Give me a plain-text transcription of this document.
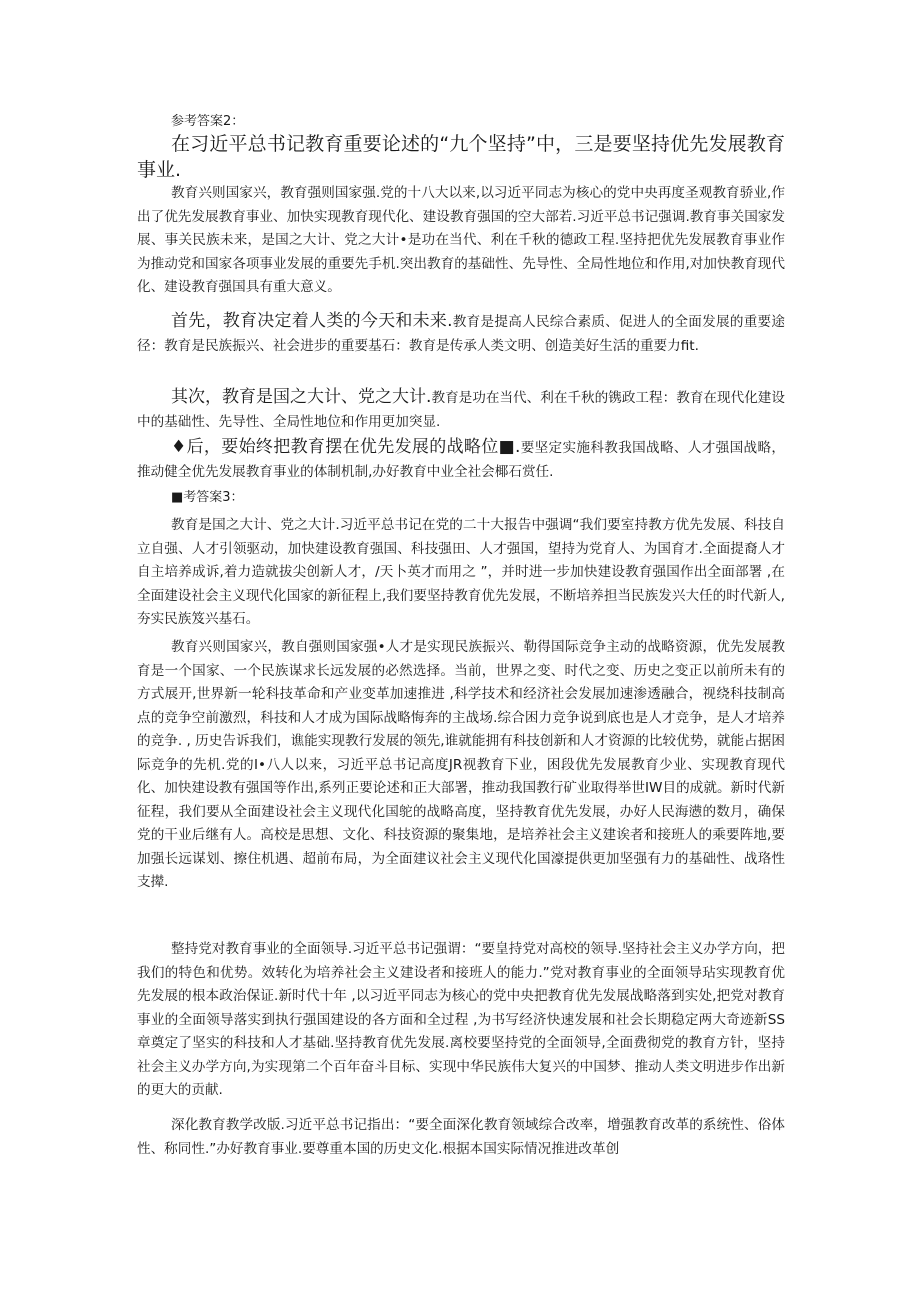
参考答案2：

在习近平总书记教育重要论述的“九个坚持”中，三是要坚持优先发展教育事业.

教育兴则国家兴，教育强则国家强.党的十八大以来,以习近平同志为核心的党中央再度圣观教育骄业,作出了优先发展教育事业、加快实现教育现代化、建设教育强国的空大部若.习近平总书记强调.教育事关国家发展、事关民族未来，是国之大计、党之大计•是功在当代、利在千秋的德政工程.坚持把优先发展教育事业作为推动党和国家各项事业发展的重要先手机.突出教育的基础性、先导性、全局性地位和作用,对加快教育现代化、建设教育强国具有重大意义。

首先，教育决定着人类的今天和未来.教育是提高人民综合素质、促进人的全面发展的重要途径：教育是民族振兴、社会进步的重要基石：教育是传承人类文明、创造美好生活的重要力fit.

其次，教育是国之大计、党之大计.教育是功在当代、利在千秋的镌政工程：教育在现代化建设中的基础性、先导性、全局性地位和作用更加突显.

♦后，要始终把教育摆在优先发展的战略位■.要坚定实施科教我国战略、人才强国战略，推动健全优先发展教育事业的体制机制,办好教育中业全社会椰石赏任.

■考答案3：

教育是国之大计、党之大计.习近平总书记在党的二十大报告中强调“我们要室持教方优先发展、科技自立自强、人才引领驱动，加快建设教育强国、科技强田、人才强国，望持为党育人、为国育才.全面提裔人才自主培养成诉,着力造就拔尖创新人才，/天卜英才而用之 ”，并时进一步加快建设教育强国作出全面部署 ,在全面建设社会主义现代化国家的新征程上,我们要坚持教育优先发展，不断培养担当民族发兴大任的时代新人,夯实民族笈兴基石。

教育兴则国家兴，教自强则国家强•人才是实现民族振兴、勒得国际竞争主动的战略资源，优先发展教育是一个国家、一个民族谋求长远发展的必然选择。当前，世界之变、时代之变、历史之变正以前所未有的方式展开,世界新一轮科技革命和产业变革加速推进 ,科学技术和经济社会发展加速渗透融合，视绕科技制高点的竞争空前激烈，科技和人才成为国际战略悔奔的主战场.综合困力竞争说到底也是人才竞争，是人才培养的竞争. , 历史告诉我们，谯能实现教行发展的领先,谁就能拥有科技创新和人才资源的比较优势，就能占据困际竞争的先机.党的I•八人以来，习近平总书记高度JR视教育下业，困段优先发展教育少业、实现教育现代化、加快建设教有强国等作出,系列正要论述和正大部署，推动我国教行矿业取得举世IW目的成就。新时代新征程，我们要从全面建设社会主义现代化国鸵的战略高度，坚持教育优先发展，办好人民海懑的数月，确保党的干业后继有人。高校是思想、文化、科技资源的聚集地，是培养社会主义建诶者和接班人的乘要阵地,要加强长远谋划、擦住机遇、超前布局，为全面建议社会主义现代化国濠提供更加坚强有力的基础性、战珞性支撵.

整持党对教育事业的全面领导.习近平总书记强谓：“要皇持党对高校的领导.坚持社会主义办学方向，把我们的特色和优势。效转化为培养社会主义建设者和接班人的能力.”党对教育事业的全面领导玷实现教育优先发展的根本政治保证.新时代十年 ,以习近平同志为核心的党中央把教育优先发展战略落到实处,把党对教育事业的全面领导落实到执行强国建设的各方面和全过程 ,为书写经济快速发展和社会长期稳定两大奇迹新SS章奠定了坚实的科技和人才基础.坚持教育优先发展.离校要坚持党的全面领导,全面费彻党的教育方针，坚持社会主义办学方向,为实现第二个百年奋斗目标、实现中华民族伟大复兴的中国梦、推动人类文明进步作出新的更大的贡献.

深化教育教学改版.习近平总书记指出：“要全面深化教育领域综合改率，增强教育改革的系统性、俗体性、称同性.”办好教育事业.要尊重本国的历史文化.根据本国实际情况推进改革创
